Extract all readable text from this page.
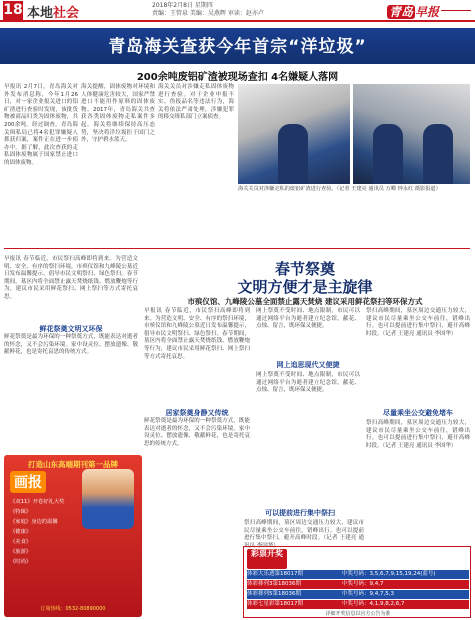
18 本地社会
2018年2月8日 星期四
责编：王管泉 美编：吴燕辉 审读：赵亦卢	青岛 早报
青岛海关查获今年首宗“洋垃圾”
200余吨废铝矿渣被现场查扣 4名嫌疑人落网
早报讯 2月7日，青岛海关对外发布消息称，今年1月26日，对一家企业报关进口的铝矿渣进行查验时发现，该批货物被商品归类为固体废物，共200余吨。经过调查，青岛海关缉私局已将4名犯罪嫌疑人抓获归案，案件正在进一步侦办中。据了解，此次查获的走私固体废物属于国家禁止进口的固体废物。
海关提醒，固体废物对环境和人体健康危害较大，国家严禁进口不能用作原料的固体废物。2017年，青岛海关共查获各类固体废物走私案件多起。海关将继续保持高压态势，坚决将洋垃圾拒于国门之外，守护碧水蓝天。
海关关员对涉嫌走私固体废物进行查验。对于企业申报不实、伪报品名等违法行为，海关将依法严肃处理，涉嫌犯罪的移交缉私部门立案侦查。
海关关员对涉嫌走私的废铝矿渣进行查验。（记者 王建亮 通讯员 万卿 钟永红 摄影报道）
春节祭奠
文明方便才是主旋律
市殡仪馆、九峰陵公墓全面禁止露天焚烧 建议采用鲜花祭扫等环保方式
早报讯 春节临近，市民祭扫高峰即将到来。为营造文明、安全、有序的祭扫环境，市殡仪馆和九峰陵公墓近日发布温馨提示，倡导市民文明祭扫、绿色祭扫。春节期间，墓区内将全面禁止露天焚烧纸钱、燃放鞭炮等行为，建议市民采用鲜花祭扫、网上祭扫等方式寄托哀思。
鲜花祭奠文明又环保
鲜花祭奠是最为环保的一种祭奠方式，既能表达对逝者的怀念，又不会污染环境。家中设灵位、摆放遗像、敬献鲜花，也是寄托哀思的传统方式。
早报讯 春节临近，市民祭扫高峰即将到来。为营造文明、安全、有序的祭扫环境，市殡仪馆和九峰陵公墓近日发布温馨提示，倡导市民文明祭扫、绿色祭扫。春节期间，墓区内将全面禁止露天焚烧纸钱、燃放鞭炮等行为，建议市民采用鲜花祭扫、网上祭扫等方式寄托哀思。
居家祭奠身静又传统
鲜花祭奠是最为环保的一种祭奠方式，既能表达对逝者的怀念，又不会污染环境。家中设灵位、摆放遗像、敬献鲜花，也是寄托哀思的传统方式。
网上祭奠不受时间、地点限制，市民可以通过网络平台为逝者建立纪念馆，献花、点烛、留言，既环保又便捷。
网上追思现代又便捷
网上祭奠不受时间、地点限制，市民可以通过网络平台为逝者建立纪念馆，献花、点烛、留言，既环保又便捷。
祭扫高峰期间，墓区周边交通压力较大，建议市民尽量乘坐公交车前往，错峰出行。也可以提前进行集中祭扫，避开高峰时段。（记者 王建亮 通讯员 李国华）
尽量乘坐公交避免堵车
祭扫高峰期间，墓区周边交通压力较大，建议市民尽量乘坐公交车前往，错峰出行。也可以提前进行集中祭扫，避开高峰时段。（记者 王建亮 通讯员 李国华）
可以提前进行集中祭扫
祭扫高峰期间，墓区周边交通压力较大，建议市民尽量乘坐公交车前往，错峰出行。也可以提前进行集中祭扫，避开高峰时段。（记者 王建亮 通讯员 李国华）
打造山东高端期刊第一品牌
画报
《双11》开卷好礼大奖
《特辑》
《家庭》身边的温馨
《健康》
《美食》
《旅游》
《时尚》
订阅热线：0532-80890000
彩票开奖
体彩大乐透第18017期	中奖号码：3,5,6,7,9,15,19,24(蓝号)
体彩排列3第18036期	中奖号码：9,4,7
体彩排列5第18036期	中奖号码：9,4,7,5,3
体彩七星彩第18017期	中奖号码：4,1,9,8,2,6,7
详细开奖信息以官方公告为准
